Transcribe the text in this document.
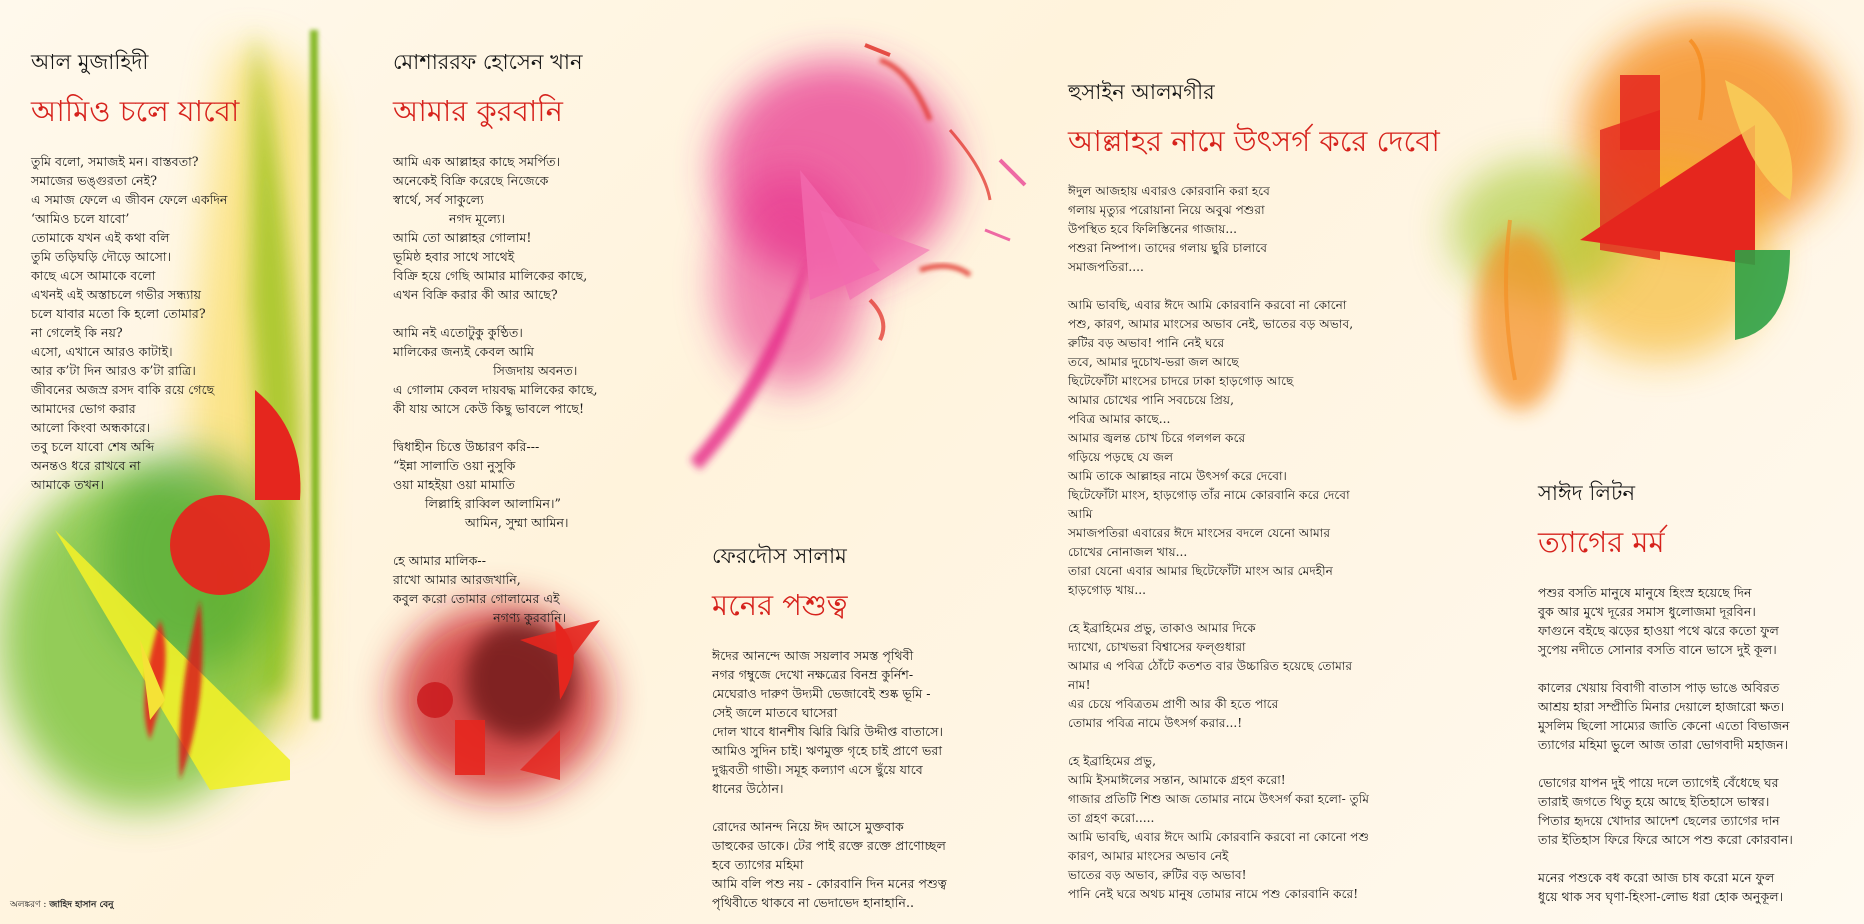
আল মুজাহিদী
আমিও চলে যাবো
তুমি বলো, সমাজই মন। বাস্তবতা?
সমাজের ভঙ্গুরতা নেই?
এ সমাজ ফেলে এ জীবন ফেলে একদিন
‘আমিও চলে যাবো’
তোমাকে যখন এই কথা বলি
তুমি তড়িঘড়ি দৌড়ে আসো।
কাছে এসে আমাকে বলো
এখনই এই অস্তাচলে গভীর সন্ধ্যায়
চলে যাবার মতো কি হলো তোমার?
না গেলেই কি নয়?
এসো, এখানে আরও কাটাই।
আর ক’টা দিন আরও ক’টা রাত্রি।
জীবনের অজস্র রসদ বাকি রয়ে গেছে
আমাদের ভোগ করার
আলো কিংবা অন্ধকারে।
তবু চলে যাবো শেষ অব্দি
অনন্তও ধরে রাখবে না
আমাকে তখন।
মোশাররফ হোসেন খান
আমার কুরবানি
আমি এক আল্লাহর কাছে সমর্পিত।
অনেকেই বিক্রি করেছে নিজেকে
স্বার্থে, সর্ব সাকুল্যে
নগদ মূল্যে।
আমি তো আল্লাহর গোলাম!
ভূমিষ্ঠ হবার সাথে সাথেই
বিক্রি হয়ে গেছি আমার মালিকের কাছে,
এখন বিক্রি করার কী আর আছে?
আমি নই এতোটুকু কুণ্ঠিত।
মালিকের জন্যই কেবল আমি
সিজদায় অবনত।
এ গোলাম কেবল দায়বদ্ধ মালিকের কাছে,
কী যায় আসে কেউ কিছু ভাবলে পাছে!
দ্বিধাহীন চিত্তে উচ্চারণ করি---
“ইন্না সালাতি ওয়া নুসুকি
ওয়া মাহইয়া ওয়া মামাতি
লিল্লাহি রাব্বিল আলামিন।”
আমিন, সুম্মা আমিন।
হে আমার মালিক--
রাখো আমার আরজখানি,
কবুল করো তোমার গোলামের এই
নগণ্য কুরবানি।
ফেরদৌস সালাম
মনের পশুত্ব
ঈদের আনন্দে আজ সয়লাব সমস্ত পৃথিবী
নগর গম্বুজে দেখো নক্ষত্রের বিনম্র কুর্নিশ-
মেঘেরাও দারুণ উদ্যমী ভেজাবেই শুষ্ক ভূমি -
সেই জলে মাতবে ঘাসেরা
দোল খাবে ধানশীষ ঝিরি ঝিরি উদ্দীপ্ত বাতাসে।
আমিও সুদিন চাই। ঋণমুক্ত গৃহে চাই প্রাণে ভরা
দুগ্ধবতী গাভী। সমূহ কল্যাণ এসে ছুঁয়ে যাবে
ধানের উঠোন।
রোদের আনন্দ নিয়ে ঈদ আসে মুক্তবাক
ডাহুকের ডাকে। টের পাই রক্তে রক্তে প্রাণোচ্ছল
হবে ত্যাগের মহিমা
আমি বলি পশু নয় - কোরবানি দিন মনের পশুত্ব
পৃথিবীতে থাকবে না ভেদাভেদ হানাহানি..
হুসাইন আলমগীর
আল্লাহর নামে উৎসর্গ করে দেবো
ঈদুল আজহায় এবারও কোরবানি করা হবে
গলায় মৃত্যুর পরোয়ানা নিয়ে অবুঝ পশুরা
উপস্থিত হবে ফিলিস্তিনের গাজায়...
পশুরা নিষ্পাপ। তাদের গলায় ছুরি চালাবে
সমাজপতিরা....
আমি ভাবছি, এবার ঈদে আমি কোরবানি করবো না কোনো
পশু, কারণ, আমার মাংসের অভাব নেই, ভাতের বড় অভাব,
রুটির বড় অভাব! পানি নেই ঘরে
তবে, আমার দুচোখ-ভরা জল আছে
ছিটেফোঁটা মাংসের চাদরে ঢাকা হাড়গোড় আছে
আমার চোখের পানি সবচেয়ে প্রিয়,
পবিত্র আমার কাছে...
আমার জ্বলন্ত চোখ চিরে গলগল করে
গড়িয়ে পড়ছে যে জল
আমি তাকে আল্লাহর নামে উৎসর্গ করে দেবো।
ছিটেফোঁটা মাংস, হাড়গোড় তাঁর নামে কোরবানি করে দেবো
আমি
সমাজপতিরা এবারের ঈদে মাংসের বদলে যেনো আমার
চোখের নোনাজল খায়...
তারা যেনো এবার আমার ছিটেফোঁটা মাংস আর মেদহীন
হাড়গোড় খায়...
হে ইব্রাহিমের প্রভু, তাকাও আমার দিকে
দ্যাখো, চোখভরা বিশ্বাসের ফল্গুধারা
আমার এ পবিত্র ঠোঁটে কতশত বার উচ্চারিত হয়েছে তোমার
নাম!
এর চেয়ে পবিত্রতম প্রাণী আর কী হতে পারে
তোমার পবিত্র নামে উৎসর্গ করার...!
হে ইব্রাহিমের প্রভু,
আমি ইসমাঈলের সন্তান, আমাকে গ্রহণ করো!
গাজার প্রতিটি শিশু আজ তোমার নামে উৎসর্গ করা হলো- তুমি
তা গ্রহণ করো.....
আমি ভাবছি, এবার ঈদে আমি কোরবানি করবো না কোনো পশু
কারণ, আমার মাংসের অভাব নেই
ভাতের বড় অভাব, রুটির বড় অভাব!
পানি নেই ঘরে অথচ মানুষ তোমার নামে পশু কোরবানি করে!
সাঈদ লিটন
ত্যাগের মর্ম
পশুর বসতি মানুষে মানুষে হিংস্র হয়েছে দিন
বুক আর মুখে দূরের সমাস ধুলোজমা দূরবিন।
ফাগুনে বইছে ঝড়ের হাওয়া পথে ঝরে কতো ফুল
সুপেয় নদীতে সোনার বসতি বানে ভাসে দুই কূল।
কালের খেয়ায় বিবাগী বাতাস পাড় ভাঙে অবিরত
আশ্রয় হারা সম্প্রীতি মিনার দেয়ালে হাজারো ক্ষত।
মুসলিম ছিলো সাম্যের জাতি কেনো এতো বিভাজন
ত্যাগের মহিমা ভুলে আজ তারা ভোগবাদী মহাজন।
ভোগের যাপন দুই পায়ে দলে ত্যাগেই বেঁধেছে ঘর
তারাই জগতে থিতু হয়ে আছে ইতিহাসে ভাস্বর।
পিতার হৃদয়ে খোদার আদেশ ছেলের ত্যাগের দান
তার ইতিহাস ফিরে ফিরে আসে পশু করো কোরবান।
মনের পশুকে বধ করো আজ চাষ করো মনে ফুল
ধুয়ে থাক সব ঘৃণা-হিংসা-লোভ ধরা হোক অনুকূল।
অলঙ্করণ : জাহিদ হাসান বেনু
